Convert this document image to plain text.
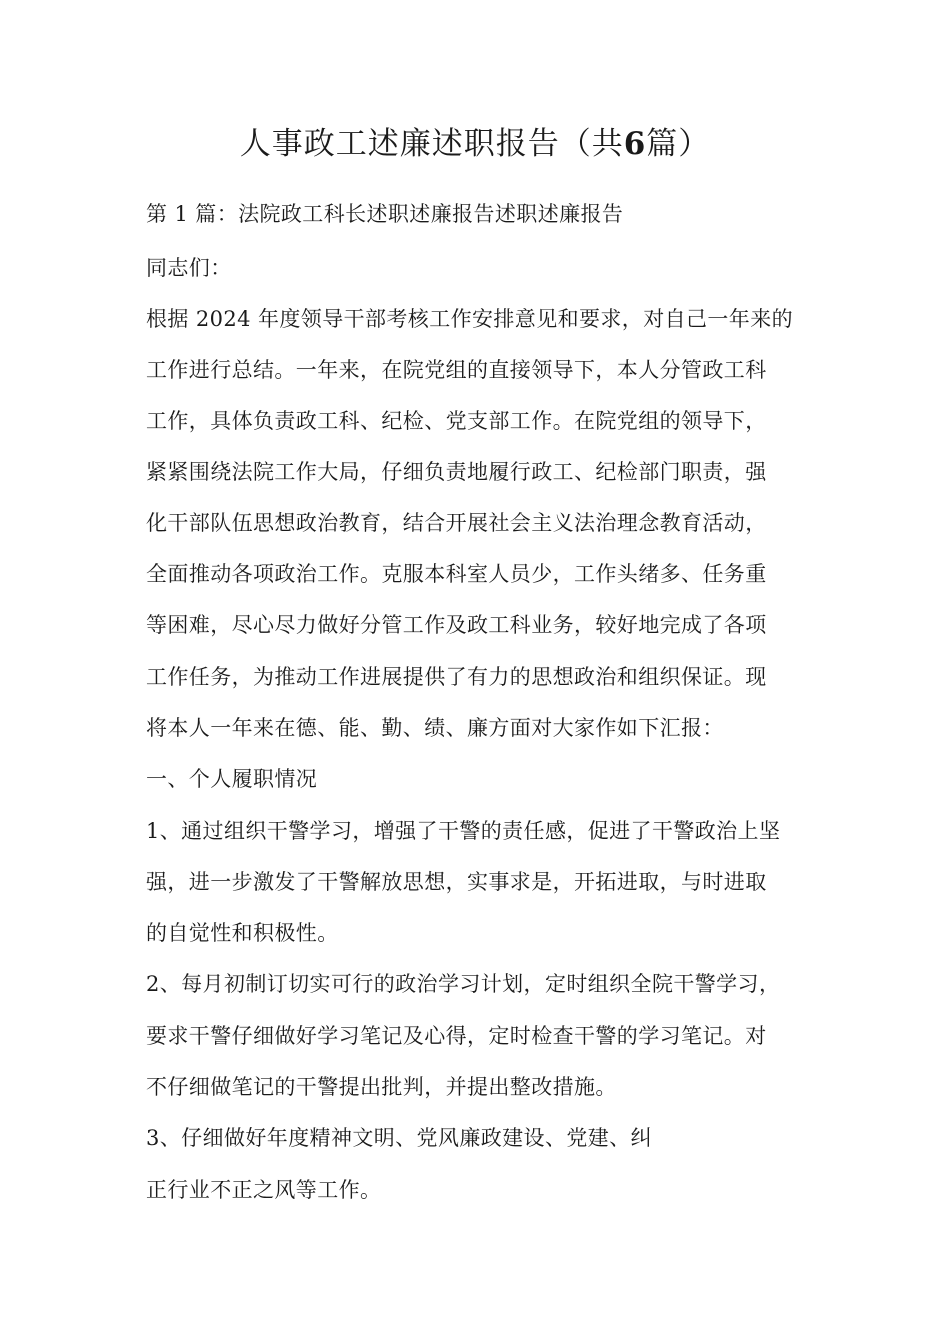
人事政工述廉述职报告（共6篇）
第 1 篇：法院政工科长述职述廉报告述职述廉报告
同志们：
根据 2024 年度领导干部考核工作安排意见和要求，对自己一年来的
工作进行总结。一年来，在院党组的直接领导下，本人分管政工科
工作，具体负责政工科、纪检、党支部工作。在院党组的领导下，
紧紧围绕法院工作大局，仔细负责地履行政工、纪检部门职责，强
化干部队伍思想政治教育，结合开展社会主义法治理念教育活动，
全面推动各项政治工作。克服本科室人员少，工作头绪多、任务重
等困难，尽心尽力做好分管工作及政工科业务，较好地完成了各项
工作任务，为推动工作进展提供了有力的思想政治和组织保证。现
将本人一年来在德、能、勤、绩、廉方面对大家作如下汇报：
一、个人履职情况
1、通过组织干警学习，增强了干警的责任感，促进了干警政治上坚
强，进一步激发了干警解放思想，实事求是，开拓进取，与时进取
的自觉性和积极性。
2、每月初制订切实可行的政治学习计划，定时组织全院干警学习，
要求干警仔细做好学习笔记及心得，定时检查干警的学习笔记。对
不仔细做笔记的干警提出批判，并提出整改措施。
3、仔细做好年度精神文明、党风廉政建设、党建、纠
正行业不正之风等工作。
